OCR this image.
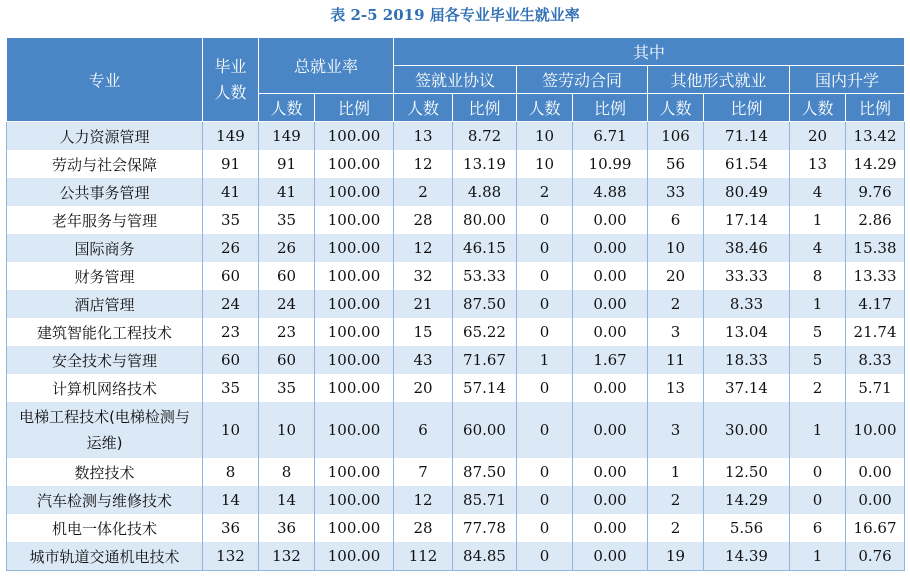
表 2-5 2019 届各专业毕业生就业率
专业	毕业人数	总就业率		其中							
				签就业协议		签劳动合同		其他形式就业		国内升学	
		人数	比例	人数	比例	人数	比例	人数	比例	人数	比例
人力资源管理	149	149	100.00	13	8.72	10	6.71	106	71.14	20	13.42
劳动与社会保障	91	91	100.00	12	13.19	10	10.99	56	61.54	13	14.29
公共事务管理	41	41	100.00	2	4.88	2	4.88	33	80.49	4	9.76
老年服务与管理	35	35	100.00	28	80.00	0	0.00	6	17.14	1	2.86
国际商务	26	26	100.00	12	46.15	0	0.00	10	38.46	4	15.38
财务管理	60	60	100.00	32	53.33	0	0.00	20	33.33	8	13.33
酒店管理	24	24	100.00	21	87.50	0	0.00	2	8.33	1	4.17
建筑智能化工程技术	23	23	100.00	15	65.22	0	0.00	3	13.04	5	21.74
安全技术与管理	60	60	100.00	43	71.67	1	1.67	11	18.33	5	8.33
计算机网络技术	35	35	100.00	20	57.14	0	0.00	13	37.14	2	5.71
电梯工程技术(电梯检测与运维)	10	10	100.00	6	60.00	0	0.00	3	30.00	1	10.00
数控技术	8	8	100.00	7	87.50	0	0.00	1	12.50	0	0.00
汽车检测与维修技术	14	14	100.00	12	85.71	0	0.00	2	14.29	0	0.00
机电一体化技术	36	36	100.00	28	77.78	0	0.00	2	5.56	6	16.67
城市轨道交通机电技术	132	132	100.00	112	84.85	0	0.00	19	14.39	1	0.76
